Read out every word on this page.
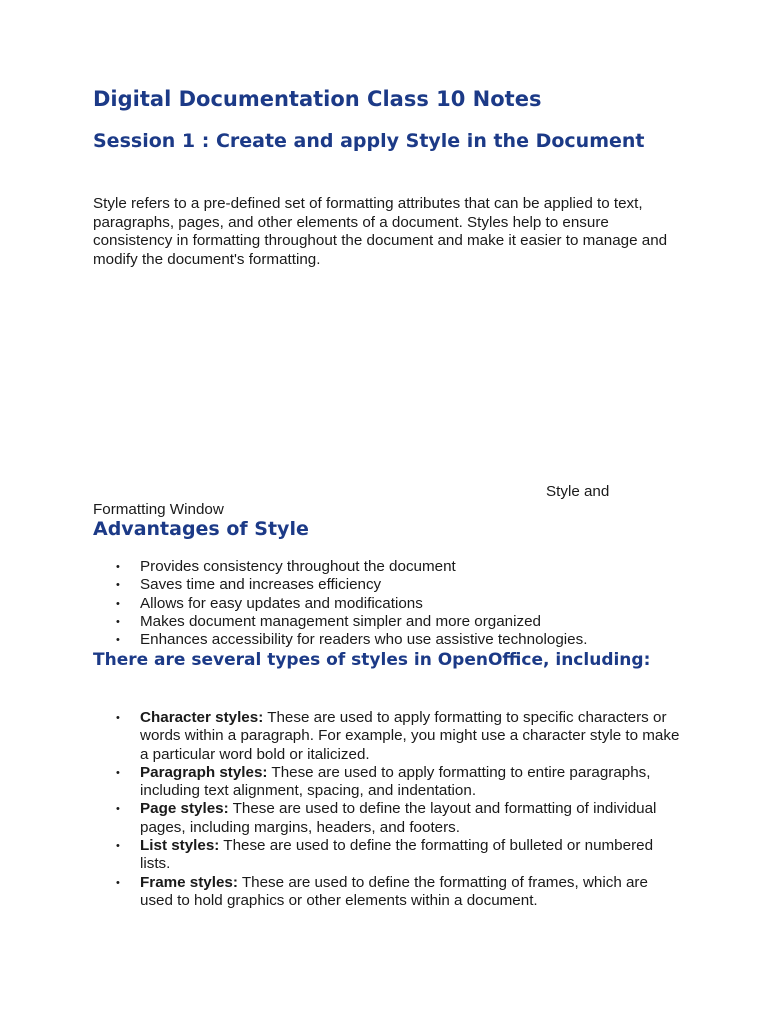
Digital Documentation Class 10 Notes
Session 1 : Create and apply Style in the Document

Style refers to a pre-defined set of formatting attributes that can be applied to text, paragraphs, pages, and other elements of a document. Styles help to ensure consistency in formatting throughout the document and make it easier to manage and modify the document's formatting.

Style and

Formatting Window

Advantages of Style
• Provides consistency throughout the document
• Saves time and increases efficiency
• Allows for easy updates and modifications
• Makes document management simpler and more organized
• Enhances accessibility for readers who use assistive technologies.
There are several types of styles in OpenOffice, including:
• Character styles: These are used to apply formatting to specific characters or words within a paragraph. For example, you might use a character style to make a particular word bold or italicized.
• Paragraph styles: These are used to apply formatting to entire paragraphs, including text alignment, spacing, and indentation.
• Page styles: These are used to define the layout and formatting of individual pages, including margins, headers, and footers.
• List styles: These are used to define the formatting of bulleted or numbered lists.
• Frame styles: These are used to define the formatting of frames, which are used to hold graphics or other elements within a document.
